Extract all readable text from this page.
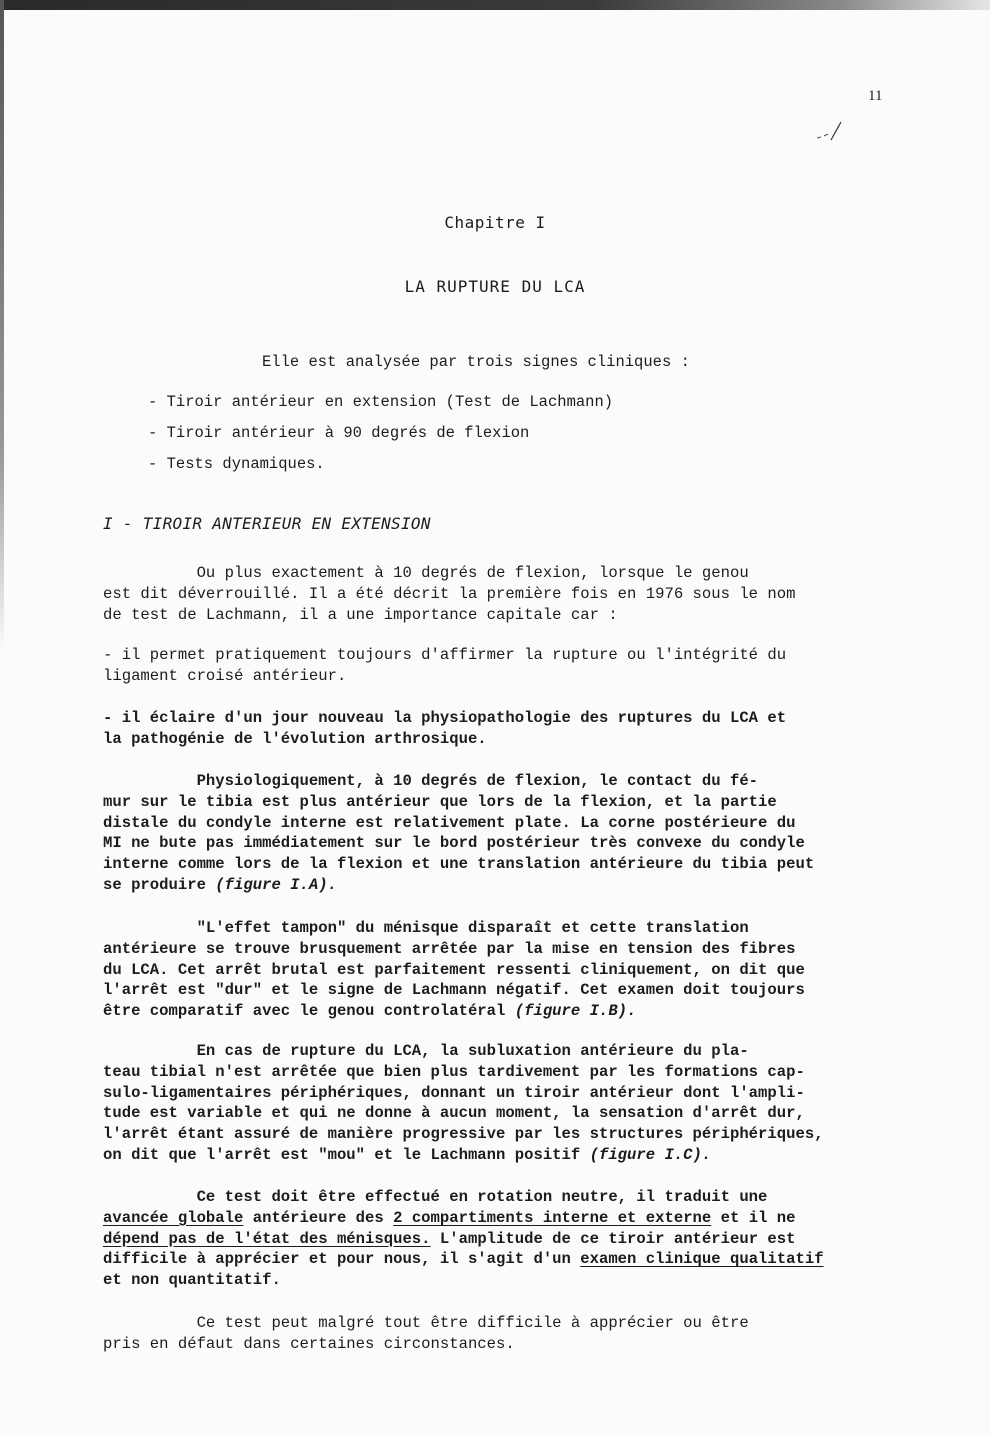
11
Chapitre I
LA RUPTURE DU LCA
Elle est analysée par trois signes cliniques :
- Tiroir antérieur en extension (Test de Lachmann)
- Tiroir antérieur à 90 degrés de flexion
- Tests dynamiques.
I - TIROIR ANTERIEUR EN EXTENSION

Ou plus exactement à 10 degrés de flexion, lorsque le genou

est dit déverrouillé. Il a été décrit la première fois en 1976 sous le nom

de test de Lachmann, il a une importance capitale car :

- il permet pratiquement toujours d'affirmer la rupture ou l'intégrité du

ligament croisé antérieur.

- il éclaire d'un jour nouveau la physiopathologie des ruptures du LCA et

la pathogénie de l'évolution arthrosique.

Physiologiquement, à 10 degrés de flexion, le contact du fé-

mur sur le tibia est plus antérieur que lors de la flexion, et la partie

distale du condyle interne est relativement plate. La corne postérieure du

MI ne bute pas immédiatement sur le bord postérieur très convexe du condyle

interne comme lors de la flexion et une translation antérieure du tibia peut

se produire (figure I.A).

"L'effet tampon" du ménisque disparaît et cette translation

antérieure se trouve brusquement arrêtée par la mise en tension des fibres

du LCA. Cet arrêt brutal est parfaitement ressenti cliniquement, on dit que

l'arrêt est "dur" et le signe de Lachmann négatif. Cet examen doit toujours

être comparatif avec le genou controlatéral (figure I.B).

En cas de rupture du LCA, la subluxation antérieure du pla-

teau tibial n'est arrêtée que bien plus tardivement par les formations cap-

sulo-ligamentaires périphériques, donnant un tiroir antérieur dont l'ampli-

tude est variable et qui ne donne à aucun moment, la sensation d'arrêt dur,

l'arrêt étant assuré de manière progressive par les structures périphériques,

on dit que l'arrêt est "mou" et le Lachmann positif (figure I.C).

Ce test doit être effectué en rotation neutre, il traduit une

avancée globale antérieure des 2 compartiments interne et externe et il ne

dépend pas de l'état des ménisques. L'amplitude de ce tiroir antérieur est

difficile à apprécier et pour nous, il s'agit d'un examen clinique qualitatif

et non quantitatif.

Ce test peut malgré tout être difficile à apprécier ou être

pris en défaut dans certaines circonstances.
